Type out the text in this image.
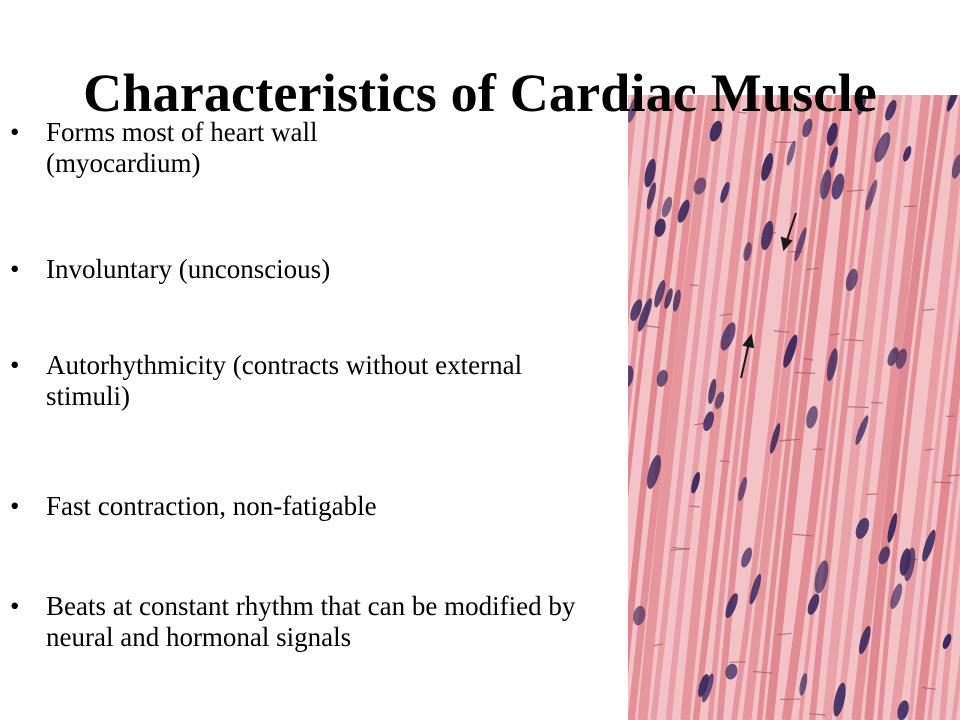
Characteristics of Cardiac Muscle
• Forms most of heart wall (myocardium)
• Involuntary (unconscious)
• Autorhythmicity (contracts without external stimuli)
• Fast contraction, non-fatigable
• Beats at constant rhythm that can be modified by neural and hormonal signals
